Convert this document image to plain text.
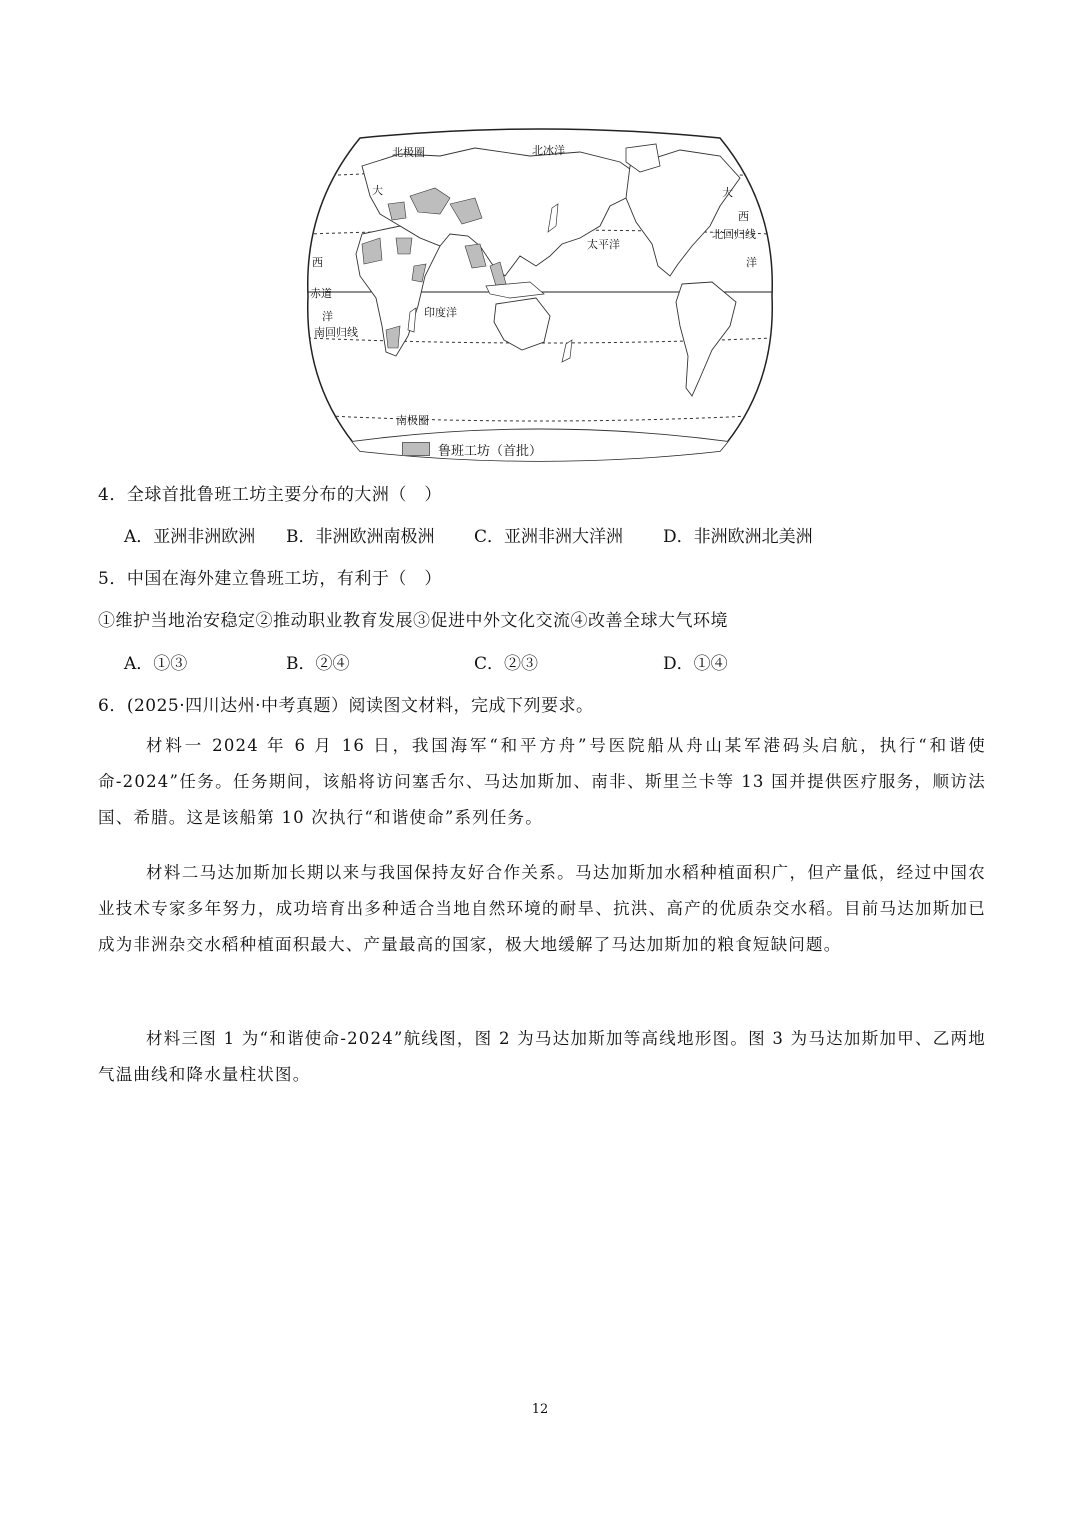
北冰洋
北极圈
大
西
赤道
洋
南回归线
印度洋
太平洋
大
西
北回归线
洋
南极圈
鲁班工坊（首批）
4．全球首批鲁班工坊主要分布的大洲（　）
A．亚洲非洲欧洲 B．非洲欧洲南极洲 C．亚洲非洲大洋洲 D．非洲欧洲北美洲
5．中国在海外建立鲁班工坊，有利于（　）
①维护当地治安稳定②推动职业教育发展③促进中外文化交流④改善全球大气环境
A．①③	B．②④	C．②③	D．①④
6．(2025·四川达州·中考真题）阅读图文材料，完成下列要求。
材料一 2024 年 6 月 16 日，我国海军“和平方舟”号医院船从舟山某军港码头启航，执行“和谐使命-2024”任务。任务期间，该船将访问塞舌尔、马达加斯加、南非、斯里兰卡等 13 国并提供医疗服务，顺访法国、希腊。这是该船第 10 次执行“和谐使命”系列任务。
材料二马达加斯加长期以来与我国保持友好合作关系。马达加斯加水稻种植面积广，但产量低，经过中国农业技术专家多年努力，成功培育出多种适合当地自然环境的耐旱、抗洪、高产的优质杂交水稻。目前马达加斯加已成为非洲杂交水稻种植面积最大、产量最高的国家，极大地缓解了马达加斯加的粮食短缺问题。
材料三图 1 为“和谐使命-2024”航线图，图 2 为马达加斯加等高线地形图。图 3 为马达加斯加甲、乙两地气温曲线和降水量柱状图。
12
